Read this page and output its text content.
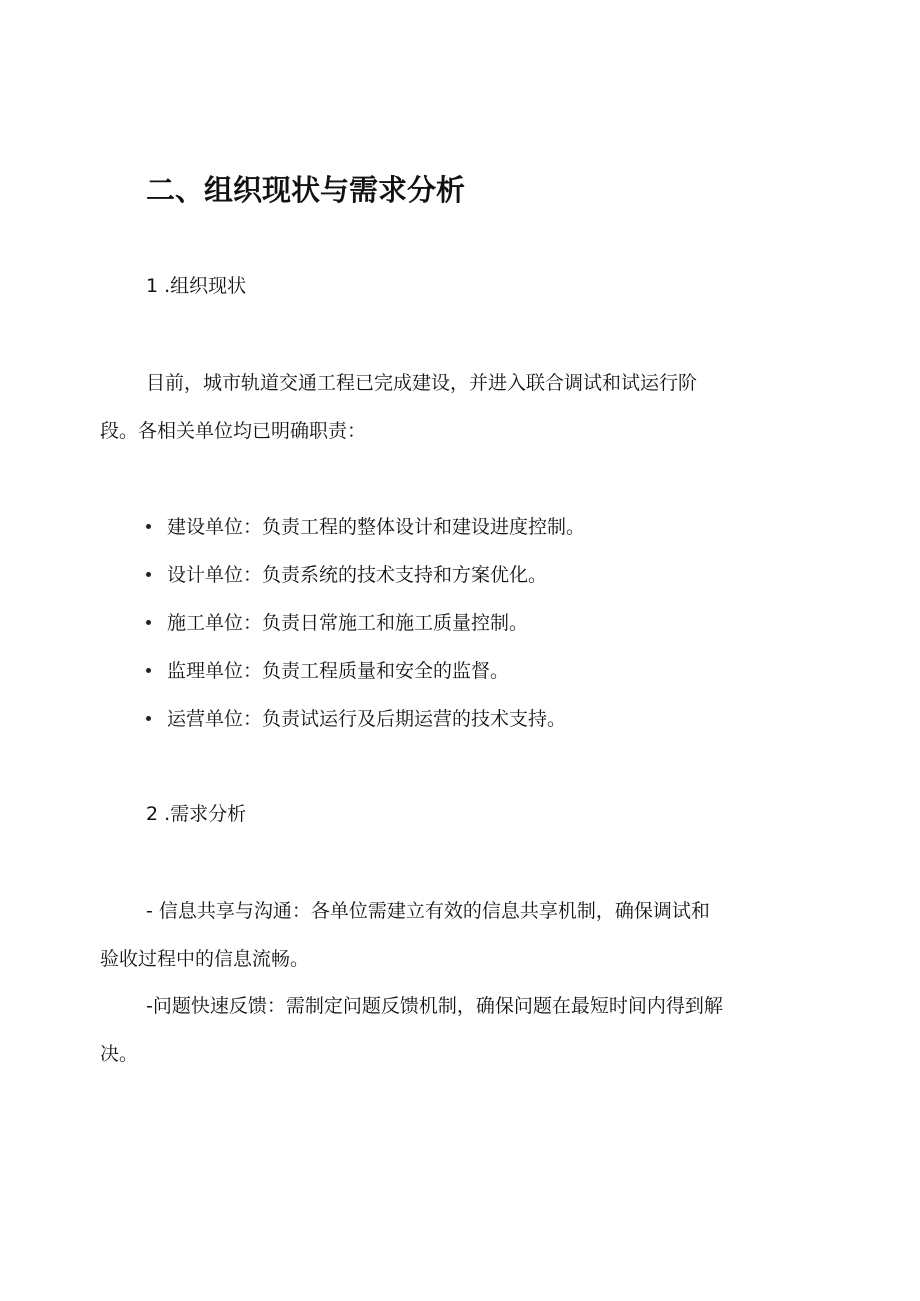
二、组织现状与需求分析
1 .组织现状
目前，城市轨道交通工程已完成建设，并进入联合调试和试运行阶
段。各相关单位均已明确职责：
建设单位：负责工程的整体设计和建设进度控制。
设计单位：负责系统的技术支持和方案优化。
施工单位：负责日常施工和施工质量控制。
监理单位：负责工程质量和安全的监督。
运营单位：负责试运行及后期运营的技术支持。
2 .需求分析
- 信息共享与沟通：各单位需建立有效的信息共享机制，确保调试和
验收过程中的信息流畅。
-问题快速反馈：需制定问题反馈机制，确保问题在最短时间内得到解
决。
